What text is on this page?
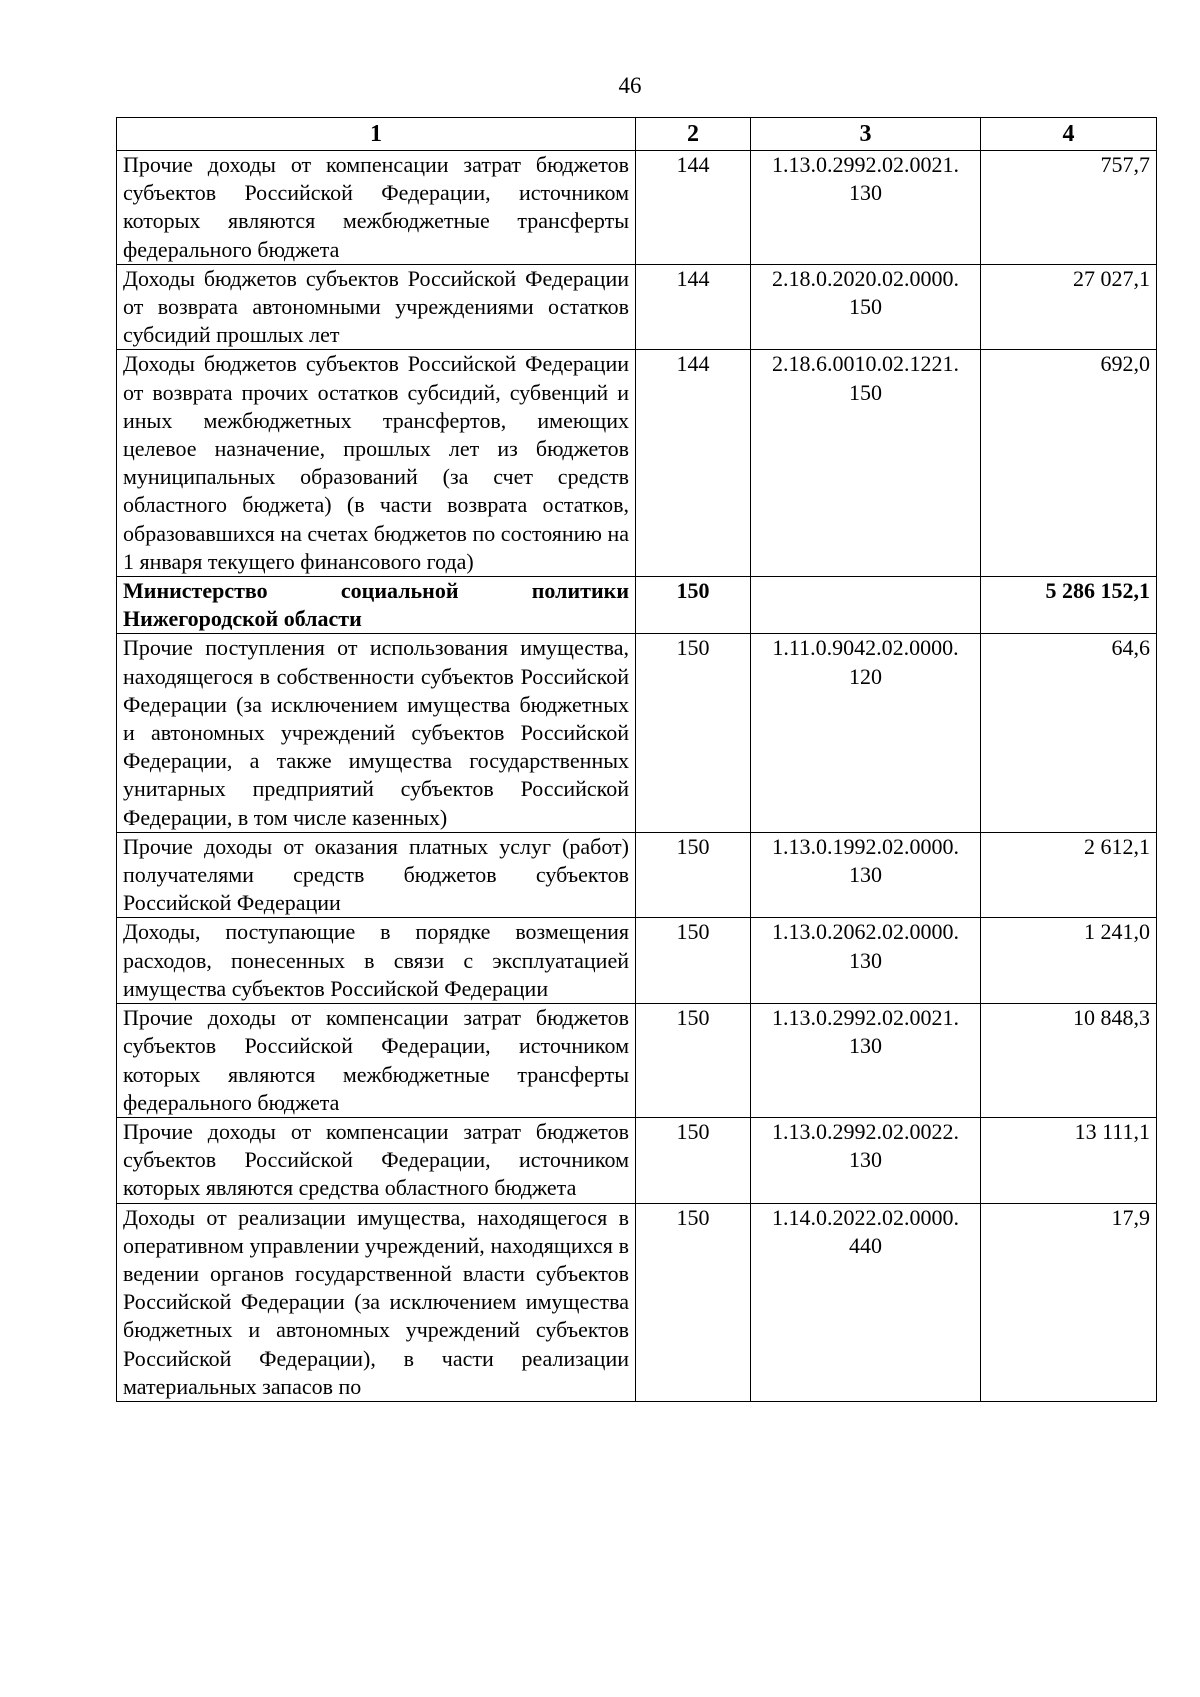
46
1	2	3	4
Прочие доходы от компенсации затрат бюджетов субъектов Российской Федерации, источником которых являются межбюджетные трансферты федерального бюджета	144	1.13.0.2992.02.0021. 130	757,7
Доходы бюджетов субъектов Российской Федерации от возврата автономными учреждениями остатков субсидий прошлых лет	144	2.18.0.2020.02.0000. 150	27 027,1
Доходы бюджетов субъектов Российской Федерации от возврата прочих остатков субсидий, субвенций и иных межбюджетных трансфертов, имеющих целевое назначение, прошлых лет из бюджетов муниципальных образований (за счет средств областного бюджета) (в части возврата остатков, образовавшихся на счетах бюджетов по состоянию на 1 января текущего финансового года)	144	2.18.6.0010.02.1221. 150	692,0
Министерство социальной политики Нижегородской области	150		5 286 152,1
Прочие поступления от использования имущества, находящегося в собственности субъектов Российской Федерации (за исключением имущества бюджетных и автономных учреждений субъектов Российской Федерации, а также имущества государственных унитарных предприятий субъектов Российской Федерации, в том числе казенных)	150	1.11.0.9042.02.0000. 120	64,6
Прочие доходы от оказания платных услуг (работ) получателями средств бюджетов субъектов Российской Федерации	150	1.13.0.1992.02.0000. 130	2 612,1
Доходы, поступающие в порядке возмещения расходов, понесенных в связи с эксплуатацией имущества субъектов Российской Федерации	150	1.13.0.2062.02.0000. 130	1 241,0
Прочие доходы от компенсации затрат бюджетов субъектов Российской Федерации, источником которых являются межбюджетные трансферты федерального бюджета	150	1.13.0.2992.02.0021. 130	10 848,3
Прочие доходы от компенсации затрат бюджетов субъектов Российской Федерации, источником которых являются средства областного бюджета	150	1.13.0.2992.02.0022. 130	13 111,1
Доходы от реализации имущества, находящегося в оперативном управлении учреждений, находящихся в ведении органов государственной власти субъектов Российской Федерации (за исключением имущества бюджетных и автономных учреждений субъектов Российской Федерации), в части реализации материальных запасов по	150	1.14.0.2022.02.0000. 440	17,9
